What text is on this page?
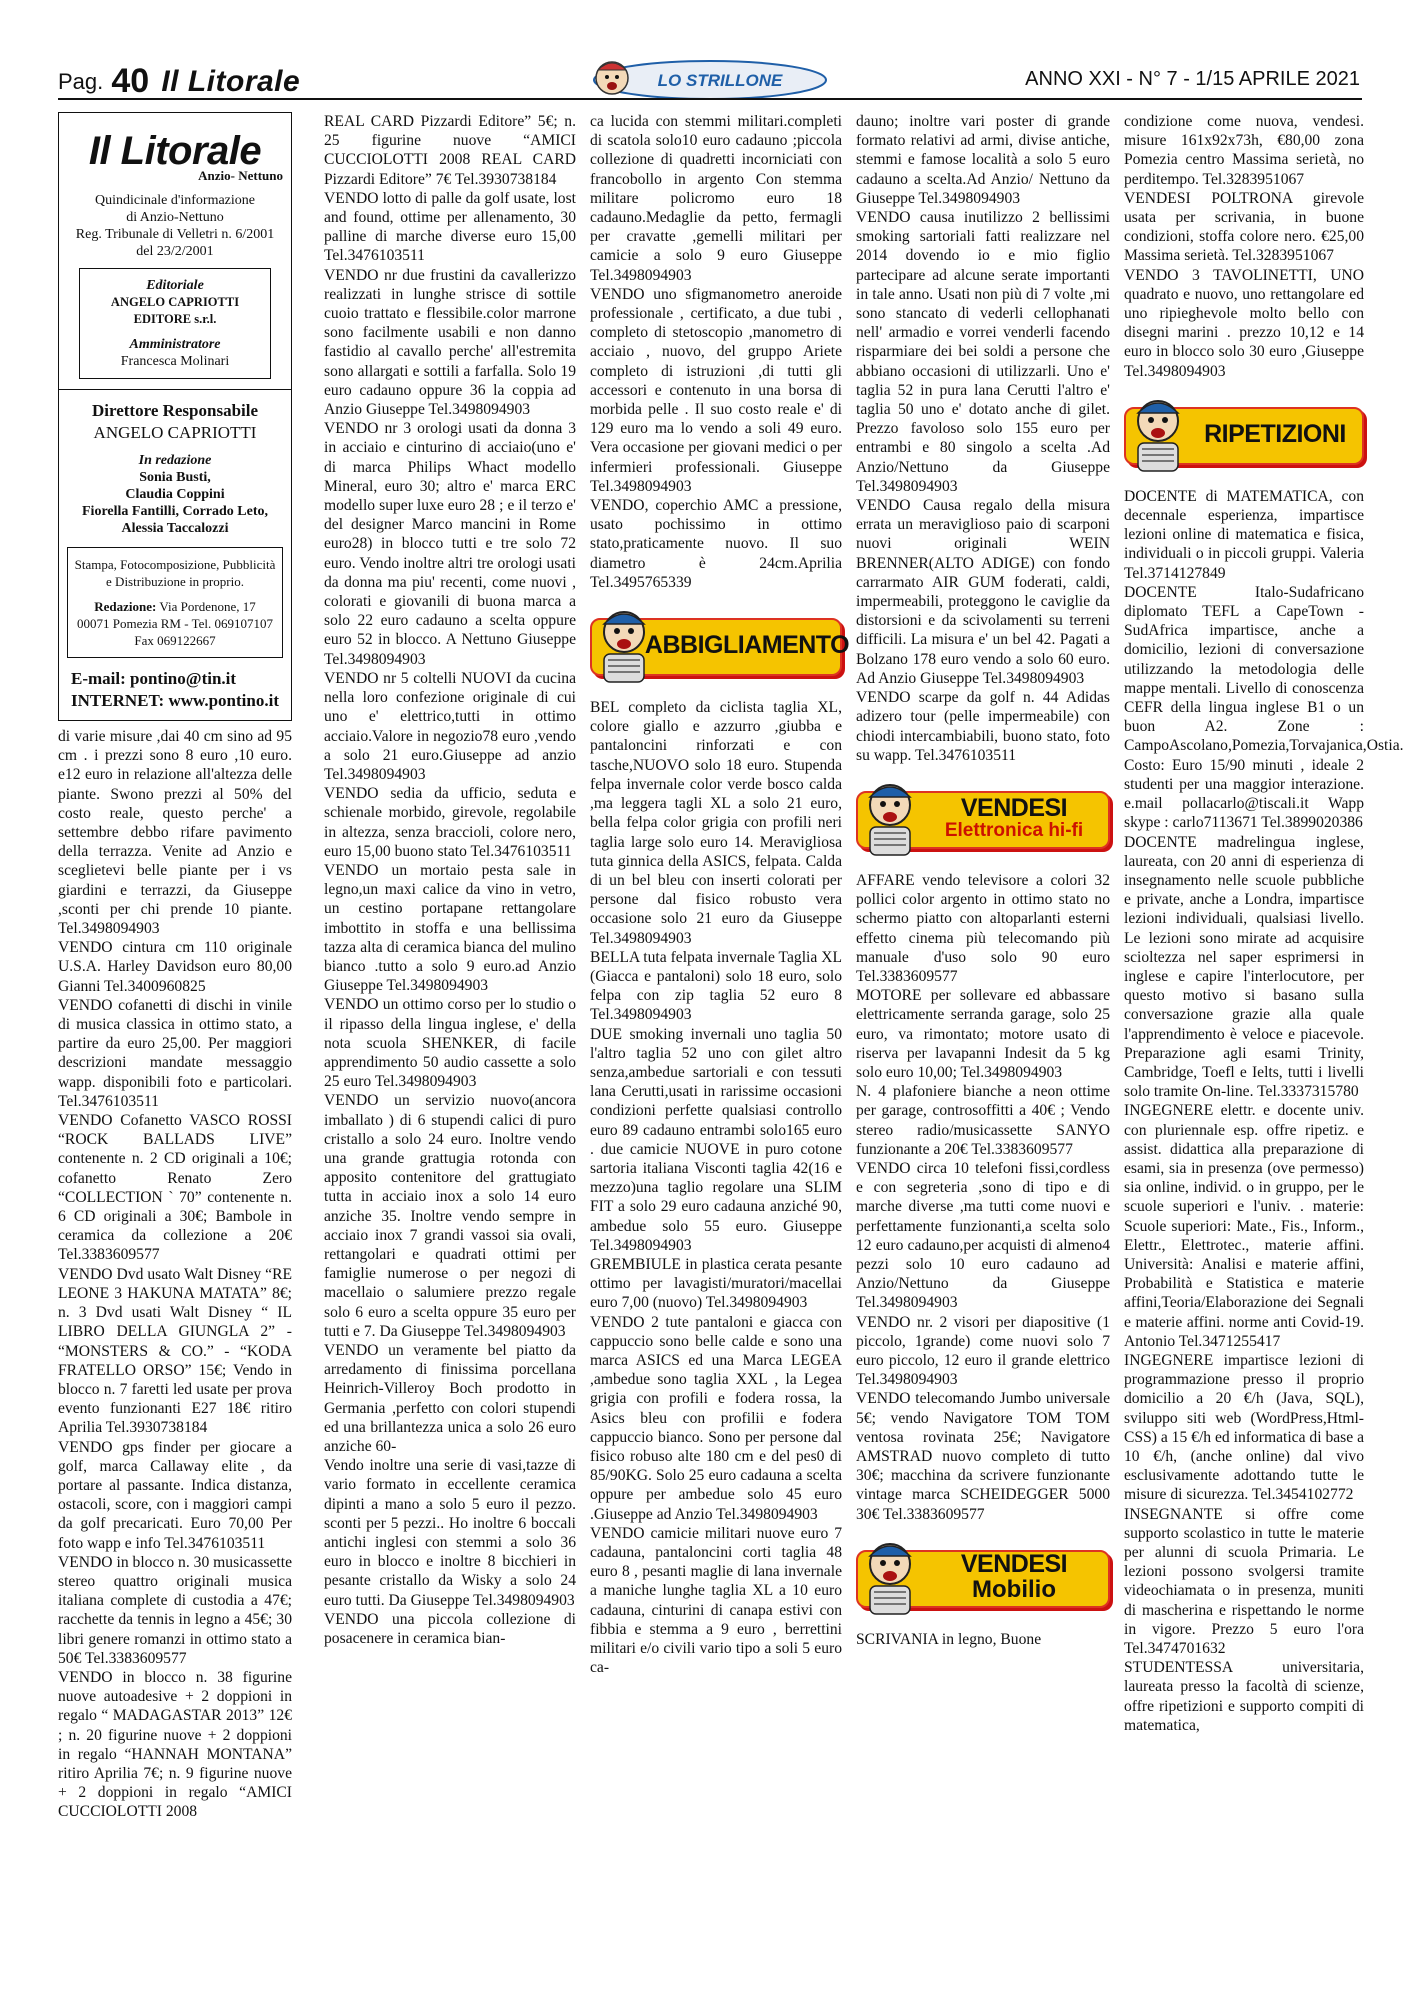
Pag. 40 Il Litorale	LO STRILLONE	ANNO XXI - N° 7 - 1/15 APRILE 2021
Il Litorale
Anzio- Nettuno
Quindicinale d'informazione
di Anzio-Nettuno
Reg. Tribunale di Velletri n. 6/2001
del 23/2/2001
Editoriale
ANGELO CAPRIOTTI EDITORE s.r.l.
Amministratore
Francesca Molinari
Direttore Responsabile
ANGELO CAPRIOTTI
In redazione
Sonia Busti,
Claudia Coppini
Fiorella Fantilli, Corrado Leto,
Alessia Taccalozzi
Stampa, Fotocomposizione, Pubblicità
e Distribuzione in proprio.
Redazione: Via Pordenone, 17
00071 Pomezia RM - Tel. 069107107
Fax 069122667
E-mail: pontino@tin.it
INTERNET: www.pontino.it

di varie misure ,dai 40 cm sino ad 95 cm . i prezzi sono 8 euro ,10 euro. e12 euro in relazione all'altezza delle piante. Swono prezzi al 50% del costo reale, questo perche' a settembre debbo rifare pavimento della terrazza. Venite ad Anzio e sceglietevi belle piante per i vs giardini e terrazzi, da Giuseppe ,sconti per chi prende 10 piante. Tel.3498094903

VENDO cintura cm 110 originale U.S.A. Harley Davidson euro 80,00 Gianni Tel.3400960825

VENDO cofanetti di dischi in vinile di musica classica in ottimo stato, a partire da euro 25,00. Per maggiori descrizioni mandate messaggio wapp. disponibili foto e particolari. Tel.3476103511

VENDO Cofanetto VASCO ROSSI “ROCK BALLADS LIVE” contenente n. 2 CD originali a 10€; cofanetto Renato Zero “COLLECTION ` 70” contenente n. 6 CD originali a 30€; Bambole in ceramica da collezione a 20€ Tel.3383609577

VENDO Dvd usato Walt Disney “RE LEONE 3 HAKUNA MATATA” 8€; n. 3 Dvd usati Walt Disney “ IL LIBRO DELLA GIUNGLA 2” - “MONSTERS & CO.” - “KODA FRATELLO ORSO” 15€; Vendo in blocco n. 7 faretti led usate per prova evento funzionanti E27 18€ ritiro Aprilia Tel.3930738184

VENDO gps finder per giocare a golf, marca Callaway elite , da portare al passante. Indica distanza, ostacoli, score, con i maggiori campi da golf precaricati. Euro 70,00 Per foto wapp e info Tel.3476103511

VENDO in blocco n. 30 musicassette stereo quattro originali musica italiana complete di custodia a 47€; racchette da tennis in legno a 45€; 30 libri genere romanzi in ottimo stato a 50€ Tel.3383609577

VENDO in blocco n. 38 figurine nuove autoadesive + 2 doppioni in regalo “ MADAGASTAR 2013” 12€ ; n. 20 figurine nuove + 2 doppioni in regalo “HANNAH MONTANA” ritiro Aprilia 7€; n. 9 figurine nuove + 2 doppioni in regalo “AMICI CUCCIOLOTTI 2008

REAL CARD Pizzardi Editore” 5€; n. 25 figurine nuove “AMICI CUCCIOLOTTI 2008 REAL CARD Pizzardi Editore” 7€ Tel.3930738184

VENDO lotto di palle da golf usate, lost and found, ottime per allenamento, 30 palline di marche diverse euro 15,00 Tel.3476103511

VENDO nr due frustini da cavallerizzo realizzati in lunghe strisce di sottile cuoio trattato e flessibile.color marrone sono facilmente usabili e non danno fastidio al cavallo perche' all'estremita sono allargati e sottili a farfalla. Solo 19 euro cadauno oppure 36 la coppia ad Anzio Giuseppe Tel.3498094903

VENDO nr 3 orologi usati da donna 3 in acciaio e cinturino di acciaio(uno e' di marca Philips Whact modello Mineral, euro 30; altro e' marca ERC modello super luxe euro 28 ; e il terzo e' del designer Marco mancini in Rome euro28) in blocco tutti e tre solo 72 euro. Vendo inoltre altri tre orologi usati da donna ma piu' recenti, come nuovi , colorati e giovanili di buona marca a solo 22 euro cadauno a scelta oppure euro 52 in blocco. A Nettuno Giuseppe Tel.3498094903

VENDO nr 5 coltelli NUOVI da cucina nella loro confezione originale di cui uno e' elettrico,tutti in ottimo acciaio.Valore in negozio78 euro ,vendo a solo 21 euro.Giuseppe ad anzio Tel.3498094903

VENDO sedia da ufficio, seduta e schienale morbido, girevole, regolabile in altezza, senza braccioli, colore nero, euro 15,00 buono stato Tel.3476103511

VENDO un mortaio pesta sale in legno,un maxi calice da vino in vetro, un cestino portapane rettangolare imbottito in stoffa e una bellissima tazza alta di ceramica bianca del mulino bianco .tutto a solo 9 euro.ad Anzio Giuseppe Tel.3498094903

VENDO un ottimo corso per lo studio o il ripasso della lingua inglese, e' della nota scuola SHENKER, di facile apprendimento 50 audio cassette a solo 25 euro Tel.3498094903

VENDO un servizio nuovo(ancora imballato ) di 6 stupendi calici di puro cristallo a solo 24 euro. Inoltre vendo una grande grattugia rotonda con apposito contenitore del grattugiato tutta in acciaio inox a solo 14 euro anziche 35. Inoltre vendo sempre in acciaio inox 7 grandi vassoi sia ovali, rettangolari e quadrati ottimi per famiglie numerose o per negozi di macellaio o salumiere prezzo regale solo 6 euro a scelta oppure 35 euro per tutti e 7. Da Giuseppe Tel.3498094903

VENDO un veramente bel piatto da arredamento di finissima porcellana Heinrich-Villeroy Boch prodotto in Germania ,perfetto con colori stupendi ed una brillantezza unica a solo 26 euro anziche 60-

Vendo inoltre una serie di vasi,tazze di vario formato in eccellente ceramica dipinti a mano a solo 5 euro il pezzo. sconti per 5 pezzi.. Ho inoltre 6 boccali antichi inglesi con stemmi a solo 36 euro in blocco e inoltre 8 bicchieri in pesante cristallo da Wisky a solo 24 euro tutti. Da Giuseppe Tel.3498094903

VENDO una piccola collezione di posacenere in ceramica bian-

ca lucida con stemmi militari.completi di scatola solo10 euro cadauno ;piccola collezione di quadretti incorniciati con francobollo in argento Con stemma militare policromo euro 18 cadauno.Medaglie da petto, fermagli per cravatte ,gemelli militari per camicie a solo 9 euro Giuseppe Tel.3498094903

VENDO uno sfigmanometro aneroide professionale , certificato, a due tubi , completo di stetoscopio ,manometro di acciaio , nuovo, del gruppo Ariete completo di istruzioni ,di tutti gli accessori e contenuto in una borsa di morbida pelle . Il suo costo reale e' di 129 euro ma lo vendo a soli 49 euro. Vera occasione per giovani medici o per infermieri professionali. Giuseppe Tel.3498094903

VENDO, coperchio AMC a pressione, usato pochissimo in ottimo stato,praticamente nuovo. Il suo diametro è 24cm.Aprilia Tel.3495765339

ABBIGLIAMENTO

BEL completo da ciclista taglia XL, colore giallo e azzurro ,giubba e pantaloncini rinforzati e con tasche,NUOVO solo 18 euro. Stupenda felpa invernale color verde bosco calda ,ma leggera tagli XL a solo 21 euro, bella felpa color grigia con profili neri taglia large solo euro 14. Meravigliosa tuta ginnica della ASICS, felpata. Calda di un bel bleu con inserti colorati per persone dal fisico robusto vera occasione solo 21 euro da Giuseppe Tel.3498094903

BELLA tuta felpata invernale Taglia XL (Giacca e pantaloni) solo 18 euro, solo felpa con zip taglia 52 euro 8 Tel.3498094903

DUE smoking invernali uno taglia 50 l'altro taglia 52 uno con gilet altro senza,ambedue sartoriali e con tessuti lana Cerutti,usati in rarissime occasioni condizioni perfette qualsiasi controllo euro 89 cadauno entrambi solo165 euro . due camicie NUOVE in puro cotone sartoria italiana Visconti taglia 42(16 e mezzo)una taglio regolare una SLIM FIT a solo 29 euro cadauna anziché 90, ambedue solo 55 euro. Giuseppe Tel.3498094903

GREMBIULE in plastica cerata pesante ottimo per lavagisti/muratori/macellai euro 7,00 (nuovo) Tel.3498094903

VENDO 2 tute pantaloni e giacca con cappuccio sono belle calde e sono una marca ASICS ed una Marca LEGEA ,ambedue sono taglia XXL , la Legea grigia con profili e fodera rossa, la Asics bleu con profilii e fodera cappuccio bianco. Sono per persone dal fisico robuso alte 180 cm e del pes0 di 85/90KG. Solo 25 euro cadauna a scelta oppure per ambedue solo 45 euro .Giuseppe ad Anzio Tel.3498094903

VENDO camicie militari nuove euro 7 cadauna, pantaloncini corti taglia 48 euro 8 , pesanti maglie di lana invernale a maniche lunghe taglia XL a 10 euro cadauna, cinturini di canapa estivi con fibbia e stemma a 9 euro , berrettini militari e/o civili vario tipo a soli 5 euro ca-

dauno; inoltre vari poster di grande formato relativi ad armi, divise antiche, stemmi e famose località a solo 5 euro cadauno a scelta.Ad Anzio/ Nettuno da Giuseppe Tel.3498094903

VENDO causa inutilizzo 2 bellissimi smoking sartoriali fatti realizzare nel 2014 dovendo io e mio figlio partecipare ad alcune serate importanti in tale anno. Usati non più di 7 volte ,mi sono stancato di vederli cellophanati nell' armadio e vorrei venderli facendo risparmiare dei bei soldi a persone che abbiano occasioni di utilizzarli. Uno e' taglia 52 in pura lana Cerutti l'altro e' taglia 50 uno e' dotato anche di gilet. Prezzo favoloso solo 155 euro per entrambi e 80 singolo a scelta .Ad Anzio/Nettuno da Giuseppe Tel.3498094903

VENDO Causa regalo della misura errata un meraviglioso paio di scarponi nuovi originali WEIN BRENNER(ALTO ADIGE) con fondo carrarmato AIR GUM foderati, caldi, impermeabili, proteggono le caviglie da distorsioni e da scivolamenti su terreni difficili. La misura e' un bel 42. Pagati a Bolzano 178 euro vendo a solo 60 euro. Ad Anzio Giuseppe Tel.3498094903

VENDO scarpe da golf n. 44 Adidas adizero tour (pelle impermeabile) con chiodi intercambiabili, buono stato, foto su wapp. Tel.3476103511

VENDESI
Elettronica hi-fi

AFFARE vendo televisore a colori 32 pollici color argento in ottimo stato no schermo piatto con altoparlanti esterni effetto cinema più telecomando più manuale d'uso solo 90 euro Tel.3383609577

MOTORE per sollevare ed abbassare elettricamente serranda garage, solo 25 euro, va rimontato; motore usato di riserva per lavapanni Indesit da 5 kg solo euro 10,00; Tel.3498094903

N. 4 plafoniere bianche a neon ottime per garage, controsoffitti a 40€ ; Vendo stereo radio/musicassette SANYO funzionante a 20€ Tel.3383609577

VENDO circa 10 telefoni fissi,cordless e con segreteria ,sono di tipo e di marche diverse ,ma tutti come nuovi e perfettamente funzionanti,a scelta solo 12 euro cadauno,per acquisti di almeno4 pezzi solo 10 euro cadauno ad Anzio/Nettuno da Giuseppe Tel.3498094903

VENDO nr. 2 visori per diapositive (1 piccolo, 1grande) come nuovi solo 7 euro piccolo, 12 euro il grande elettrico Tel.3498094903

VENDO telecomando Jumbo universale 5€; vendo Navigatore TOM TOM ventosa rovinata 25€; Navigatore AMSTRAD nuovo completo di tutto 30€; macchina da scrivere funzionante vintage marca SCHEIDEGGER 5000 30€ Tel.3383609577

VENDESI
Mobilio

SCRIVANIA in legno, Buone

condizione come nuova, vendesi. misure 161x92x73h, €80,00 zona Pomezia centro Massima serietà, no perditempo. Tel.3283951067

VENDESI POLTRONA girevole usata per scrivania, in buone condizioni, stoffa colore nero. €25,00 Massima serietà. Tel.3283951067

VENDO 3 TAVOLINETTI, UNO quadrato e nuovo, uno rettangolare ed uno ripieghevole molto bello con disegni marini . prezzo 10,12 e 14 euro in blocco solo 30 euro ,Giuseppe Tel.3498094903

RIPETIZIONI

DOCENTE di MATEMATICA, con decennale esperienza, impartisce lezioni online di matematica e fisica, individuali o in piccoli gruppi. Valeria Tel.3714127849

DOCENTE Italo-Sudafricano diplomato TEFL a CapeTown - SudAfrica impartisce, anche a domicilio, lezioni di conversazione utilizzando la metodologia delle mappe mentali. Livello di conoscenza CEFR della lingua inglese B1 o un buon A2. Zone : CampoAscolano,Pomezia,Torvajanica,Ostia. Costo: Euro 15/90 minuti , ideale 2 studenti per una maggior interazione. e.mail pollacarlo@tiscali.it Wapp skype : carlo7113671 Tel.3899020386

DOCENTE madrelingua inglese, laureata, con 20 anni di esperienza di insegnamento nelle scuole pubbliche e private, anche a Londra, impartisce lezioni individuali, qualsiasi livello. Le lezioni sono mirate ad acquisire scioltezza nel saper esprimersi in inglese e capire l'interlocutore, per questo motivo si basano sulla conversazione grazie alla quale l'apprendimento è veloce e piacevole. Preparazione agli esami Trinity, Cambridge, Toefl e Ielts, tutti i livelli solo tramite On-line. Tel.3337315780

INGEGNERE elettr. e docente univ. con pluriennale esp. offre ripetiz. e assist. didattica alla preparazione di esami, sia in presenza (ove permesso) sia online, individ. o in gruppo, per le scuole superiori e l'univ. . materie: Scuole superiori: Mate., Fis., Inform., Elettr., Elettrotec., materie affini. Università: Analisi e materie affini, Probabilità e Statistica e materie affini,Teoria/Elaborazione dei Segnali e materie affini. norme anti Covid-19. Antonio Tel.3471255417

INGEGNERE impartisce lezioni di programmazione presso il proprio domicilio a 20 €/h (Java, SQL), sviluppo siti web (WordPress,Html-CSS) a 15 €/h ed informatica di base a 10 €/h, (anche online) dal vivo esclusivamente adottando tutte le misure di sicurezza. Tel.3454102772

INSEGNANTE si offre come supporto scolastico in tutte le materie per alunni di scuola Primaria. Le lezioni possono svolgersi tramite videochiamata o in presenza, muniti di mascherina e rispettando le norme in vigore. Prezzo 5 euro l'ora Tel.3474701632

STUDENTESSA universitaria, laureata presso la facoltà di scienze, offre ripetizioni e supporto compiti di matematica,
